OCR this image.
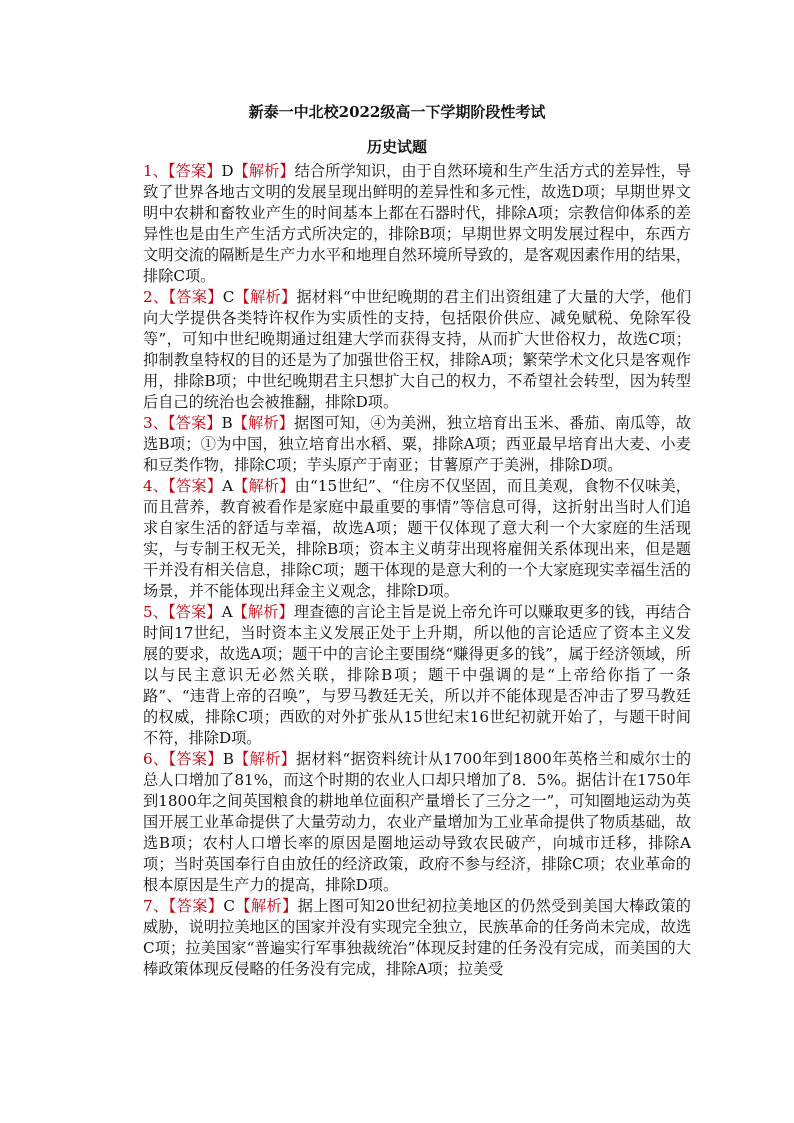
新泰一中北校2022级高一下学期阶段性考试
历史试题

1、【答案】D【解析】结合所学知识，由于自然环境和生产生活方式的差异性，导致了世界各地古文明的发展呈现出鲜明的差异性和多元性，故选D项；早期世界文明中农耕和畜牧业产生的时间基本上都在石器时代，排除A项；宗教信仰体系的差异性也是由生产生活方式所决定的，排除B项；早期世界文明发展过程中，东西方文明交流的隔断是生产力水平和地理自然环境所导致的，是客观因素作用的结果，排除C项。

2、【答案】C【解析】据材料“中世纪晚期的君主们出资组建了大量的大学，他们向大学提供各类特许权作为实质性的支持，包括限价供应、减免赋税、免除军役等”，可知中世纪晚期通过组建大学而获得支持，从而扩大世俗权力，故选C项；抑制教皇特权的目的还是为了加强世俗王权，排除A项；繁荣学术文化只是客观作用，排除B项；中世纪晚期君主只想扩大自己的权力，不希望社会转型，因为转型后自己的统治也会被推翻，排除D项。

3、【答案】B【解析】据图可知，④为美洲，独立培育出玉米、番茄、南瓜等，故选B项；①为中国，独立培育出水稻、粟，排除A项；西亚最早培育出大麦、小麦和豆类作物，排除C项；芋头原产于南亚；甘薯原产于美洲，排除D项。

4、【答案】A【解析】由“15世纪”、“住房不仅坚固，而且美观，食物不仅味美，而且营养，教育被看作是家庭中最重要的事情”等信息可得，这折射出当时人们追求自家生活的舒适与幸福，故选A项；题干仅体现了意大利一个大家庭的生活现实，与专制王权无关，排除B项；资本主义萌芽出现将雇佣关系体现出来，但是题干并没有相关信息，排除C项；题干体现的是意大利的一个大家庭现实幸福生活的场景，并不能体现出拜金主义观念，排除D项。

5、【答案】A【解析】理查德的言论主旨是说上帝允许可以赚取更多的钱，再结合时间17世纪，当时资本主义发展正处于上升期，所以他的言论适应了资本主义发展的要求，故选A项；题干中的言论主要围绕“赚得更多的钱”，属于经济领域，所以与民主意识无必然关联，排除B项；题干中强调的是“上帝给你指了一条路”、“违背上帝的召唤”，与罗马教廷无关，所以并不能体现是否冲击了罗马教廷的权威，排除C项；西欧的对外扩张从15世纪末16世纪初就开始了，与题干时间不符，排除D项。

6、【答案】B【解析】据材料“据资料统计从1700年到1800年英格兰和威尔士的总人口增加了81%，而这个时期的农业人口却只增加了8．5%。据估计在1750年到1800年之间英国粮食的耕地单位面积产量增长了三分之一”，可知圈地运动为英国开展工业革命提供了大量劳动力，农业产量增加为工业革命提供了物质基础，故选B项；农村人口增长率的原因是圈地运动导致农民破产，向城市迁移，排除A项；当时英国奉行自由放任的经济政策，政府不参与经济，排除C项；农业革命的根本原因是生产力的提高，排除D项。

7、【答案】C【解析】据上图可知20世纪初拉美地区的仍然受到美国大棒政策的威胁，说明拉美地区的国家并没有实现完全独立，民族革命的任务尚未完成，故选C项；拉美国家“普遍实行军事独裁统治”体现反封建的任务没有完成，而美国的大棒政策体现反侵略的任务没有完成，排除A项；拉美受
